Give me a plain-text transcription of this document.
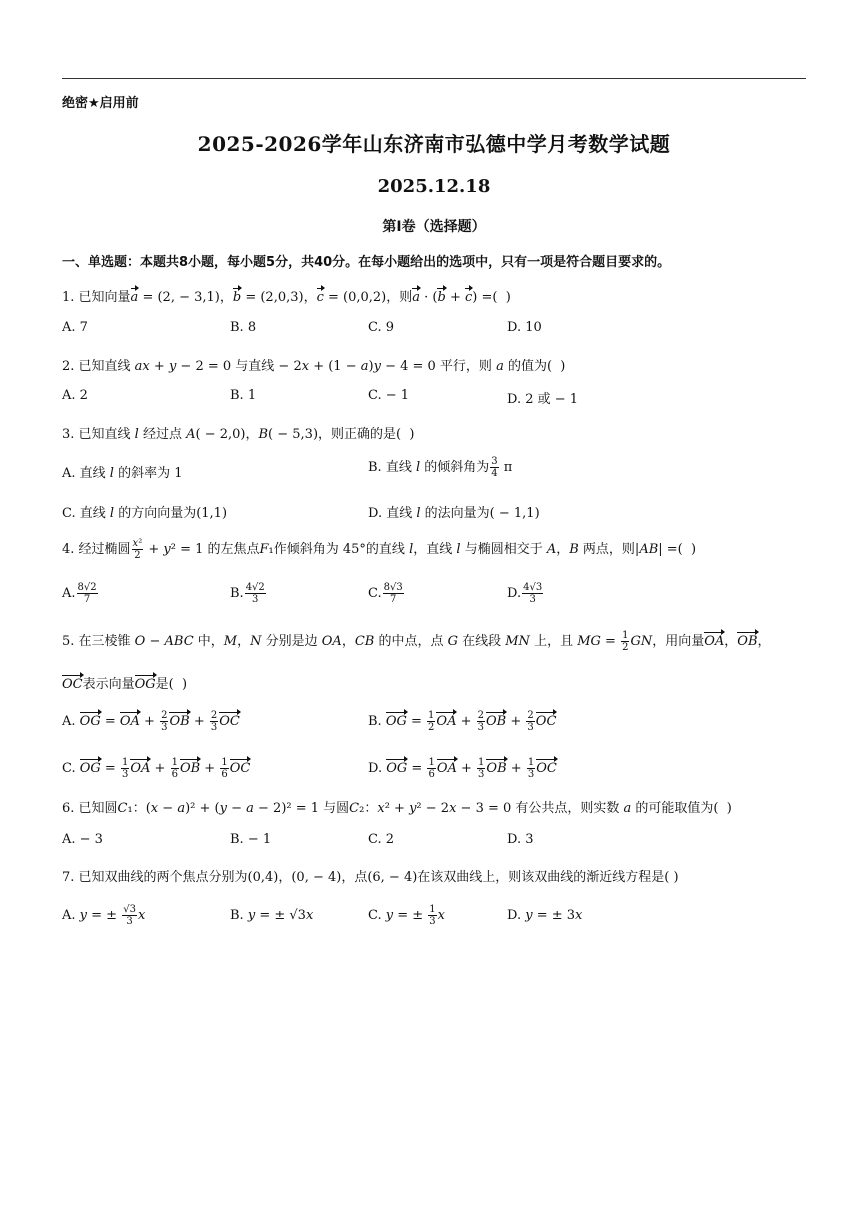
绝密★启用前
2025-2026学年山东济南市弘德中学月考数学试题
2025.12.18
第Ⅰ卷（选择题）
一、单选题：本题共8小题，每小题5分，共40分。在每小题给出的选项中，只有一项是符合题目要求的。
1. 已知向量a = (2, − 3,1)，b = (2,0,3)，c = (0,0,2)，则a · (b + c) =(  )
A. 7	B. 8	C. 9	D. 10
2. 已知直线 ax + y − 2 = 0 与直线 − 2x + (1 − a)y − 4 = 0 平行，则 a 的值为(  )
A. 2	B. 1	C. − 1	D. 2 或 − 1
3. 已知直线 l 经过点 A( − 2,0)，B( − 5,3)，则正确的是(  )
A. 直线 l 的斜率为 1	B. 直线 l 的倾斜角为 $\frac{3}{4}$ π
C. 直线 l 的方向向量为(1,1)	D. 直线 l 的法向量为( − 1,1)
4. 经过椭圆 $\frac{\text{x²}}{2} + y^2 = 1$ 的左焦点F₁作倾斜角为 45°的直线 l，直线 l 与椭圆相交于 A，B 两点，则|AB| =(  )
A. $\frac{8√2}{7}$	B. $\frac{4√2}{3}$	C. $\frac{8√3}{7}$	D. $\frac{4√3}{3}$
5. 在三棱锥 O − ABC 中，M，N 分别是边 OA，CB 的中点，点 G 在线段 MN 上，且 MG = $\frac{1}{2}$ GN，用向量OA，OB，
OC表示向量OG是(  )
A. OG = OA + $\frac{2}{3}$ OB + $\frac{2}{3}$ OC	B. OG = $\frac{1}{2}$ OA + $\frac{2}{3}$ OB + $\frac{2}{3}$ OC
C. OG = $\frac{1}{3}$ OA + $\frac{1}{6}$ OB + $\frac{1}{6}$ OC	D. OG = $\frac{1}{6}$ OA + $\frac{1}{3}$ OB + $\frac{1}{3}$ OC
6. 已知圆C₁：(x − a)² + (y − a − 2)² = 1 与圆C₂：x² + y² − 2x − 3 = 0 有公共点，则实数 a 的可能取值为(  )
A. − 3	B. − 1	C. 2	D. 3
7. 已知双曲线的两个焦点分别为(0,4)，(0, − 4)，点(6, − 4)在该双曲线上，则该双曲线的渐近线方程是( )
A. y = ± $\frac{√3}{3}$ x	B. y = ± √3x	C. y = ± $\frac{1}{3}$ x	D. y = ± 3x
